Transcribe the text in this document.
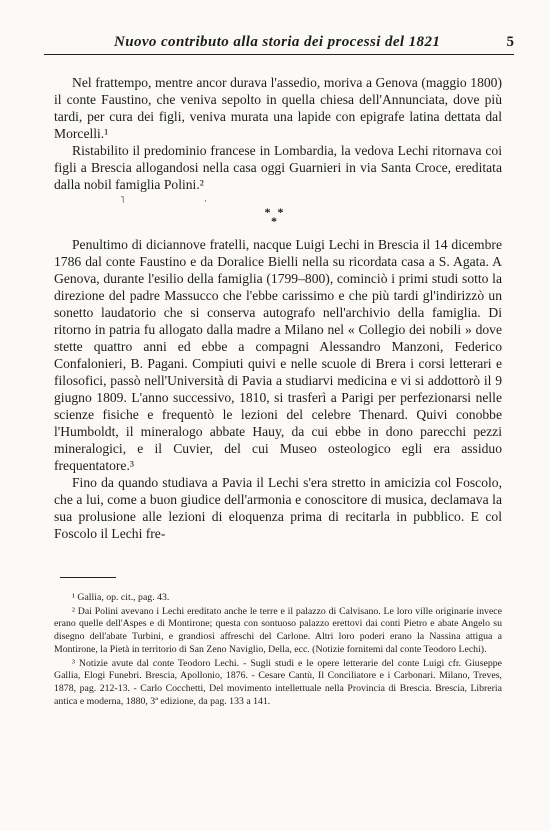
Nuovo contributo alla storia dei processi del 1821	5

Nel frattempo, mentre ancor durava l'assedio, moriva a Genova (maggio 1800) il conte Faustino, che veniva sepolto in quella chiesa dell'Annunciata, dove più tardi, per cura dei figli, veniva murata una lapide con epigrafe latina dettata dal Morcelli.¹

Ristabilito il predominio francese in Lombardia, la vedova Lechi ritornava coi figli a Brescia allogandosi nella casa oggi Guarnieri in via Santa Croce, ereditata dalla nobil famiglia Polini.²

˥	·
* *
*

Penultimo di diciannove fratelli, nacque Luigi Lechi in Brescia il 14 dicembre 1786 dal conte Faustino e da Doralice Bielli nella su ricordata casa a S. Agata. A Genova, durante l'esilio della famiglia (1799–800), cominciò i primi studi sotto la direzione del padre Massucco che l'ebbe carissimo e che più tardi gl'indirizzò un sonetto laudatorio che si conserva autografo nell'archivio della famiglia. Di ritorno in patria fu allogato dalla madre a Milano nel « Collegio dei nobili » dove stette quattro anni ed ebbe a compagni Alessandro Manzoni, Federico Confalonieri, B. Pagani. Compiuti quivi e nelle scuole di Brera i corsi letterari e filosofici, passò nell'Università di Pavia a studiarvi medicina e vi si addottorò il 9 giugno 1809. L'anno successivo, 1810, si trasferì a Parigi per perfezionarsi nelle scienze fisiche e frequentò le lezioni del celebre Thenard. Quivi conobbe l'Humboldt, il mineralogo abbate Hauy, da cui ebbe in dono parecchi pezzi mineralogici, e il Cuvier, del cui Museo osteologico egli era assiduo frequentatore.³

Fino da quando studiava a Pavia il Lechi s'era stretto in amicizia col Foscolo, che a lui, come a buon giudice dell'armonia e conoscitore di musica, declamava la sua prolusione alle lezioni di eloquenza prima di recitarla in pubblico. E col Foscolo il Lechi fre-

¹ Gallia, op. cit., pag. 43.

² Dai Polini avevano i Lechi ereditato anche le terre e il palazzo di Calvisano. Le loro ville originarie invece erano quelle dell'Aspes e di Montirone; questa con sontuoso palazzo erettovi dai conti Pietro e abate Angelo su disegno dell'abate Turbini, e grandiosi affreschi del Carlone. Altri loro poderi erano la Nassina attigua a Montirone, la Pietà in territorio di San Zeno Naviglio, Della, ecc. (Notizie fornitemi dal conte Teodoro Lechi).

³ Notizie avute dal conte Teodoro Lechi. - Sugli studi e le opere letterarie del conte Luigi cfr. Giuseppe Gallia, Elogi Funebri. Brescia, Apollonio, 1876. - Cesare Cantù, Il Conciliatore e i Carbonari. Milano, Treves, 1878, pag. 212-13. - Carlo Cocchetti, Del movimento intellettuale nella Provincia di Brescia. Brescia, Libreria antica e moderna, 1880, 3ª edizione, da pag. 133 a 141.
